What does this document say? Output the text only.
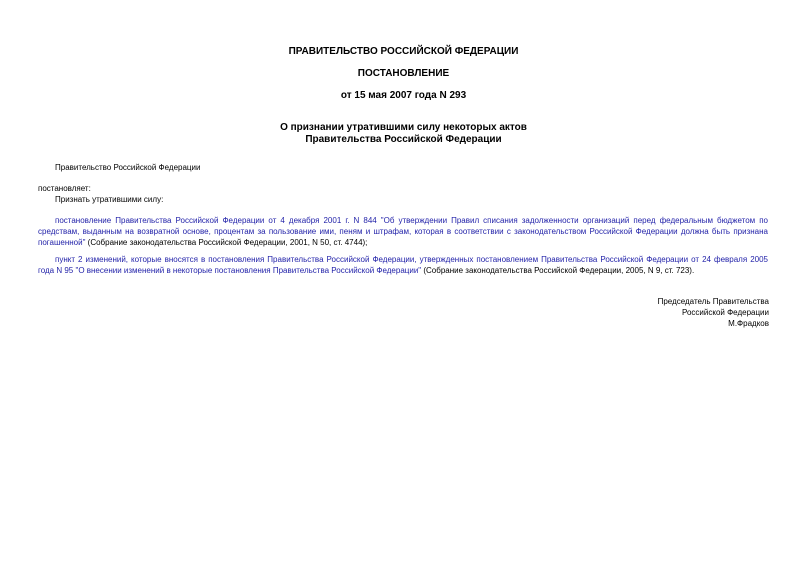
ПРАВИТЕЛЬСТВО РОССИЙСКОЙ ФЕДЕРАЦИИ
ПОСТАНОВЛЕНИЕ
от 15 мая 2007 года N 293
О признании утратившими силу некоторых актов
Правительства Российской Федерации
Правительство Российской Федерации
постановляет:
Признать утратившими силу:
постановление Правительства Российской Федерации от 4 декабря 2001 г. N 844 "Об утверждении Правил списания задолженности организаций перед федеральным бюджетом по средствам, выданным на возвратной основе, процентам за пользование ими, пеням и штрафам, которая в соответствии с законодательством Российской Федерации должна быть признана погашенной" (Собрание законодательства Российской Федерации, 2001, N 50, ст. 4744);
пункт 2 изменений, которые вносятся в постановления Правительства Российской Федерации, утвержденных постановлением Правительства Российской Федерации от 24 февраля 2005 года N 95 "О внесении изменений в некоторые постановления Правительства Российской Федерации" (Собрание законодательства Российской Федерации, 2005, N 9, ст. 723).
Председатель Правительства
Российской Федерации
М.Фрадков
